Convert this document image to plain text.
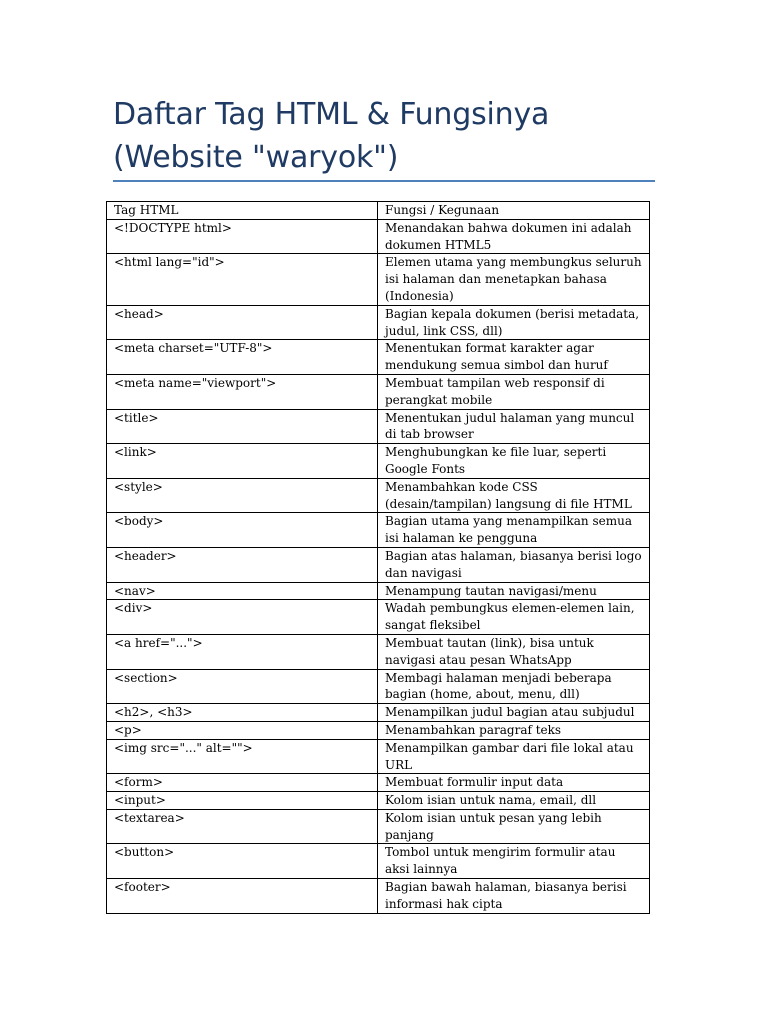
Daftar Tag HTML & Fungsinya (Website "waryok")
Tag HTML	Fungsi / Kegunaan
<!DOCTYPE html>	Menandakan bahwa dokumen ini adalah dokumen HTML5
<html lang="id">	Elemen utama yang membungkus seluruh isi halaman dan menetapkan bahasa (Indonesia)
<head>	Bagian kepala dokumen (berisi metadata, judul, link CSS, dll)
<meta charset="UTF-8">	Menentukan format karakter agar mendukung semua simbol dan huruf
<meta name="viewport">	Membuat tampilan web responsif di perangkat mobile
<title>	Menentukan judul halaman yang muncul di tab browser
<link>	Menghubungkan ke file luar, seperti Google Fonts
<style>	Menambahkan kode CSS (desain/tampilan) langsung di file HTML
<body>	Bagian utama yang menampilkan semua isi halaman ke pengguna
<header>	Bagian atas halaman, biasanya berisi logo dan navigasi
<nav>	Menampung tautan navigasi/menu
<div>	Wadah pembungkus elemen-elemen lain, sangat fleksibel
<a href="...">	Membuat tautan (link), bisa untuk navigasi atau pesan WhatsApp
<section>	Membagi halaman menjadi beberapa bagian (home, about, menu, dll)
<h2>, <h3>	Menampilkan judul bagian atau subjudul
<p>	Menambahkan paragraf teks
<img src="..." alt="">	Menampilkan gambar dari file lokal atau URL
<form>	Membuat formulir input data
<input>	Kolom isian untuk nama, email, dll
<textarea>	Kolom isian untuk pesan yang lebih panjang
<button>	Tombol untuk mengirim formulir atau aksi lainnya
<footer>	Bagian bawah halaman, biasanya berisi informasi hak cipta
